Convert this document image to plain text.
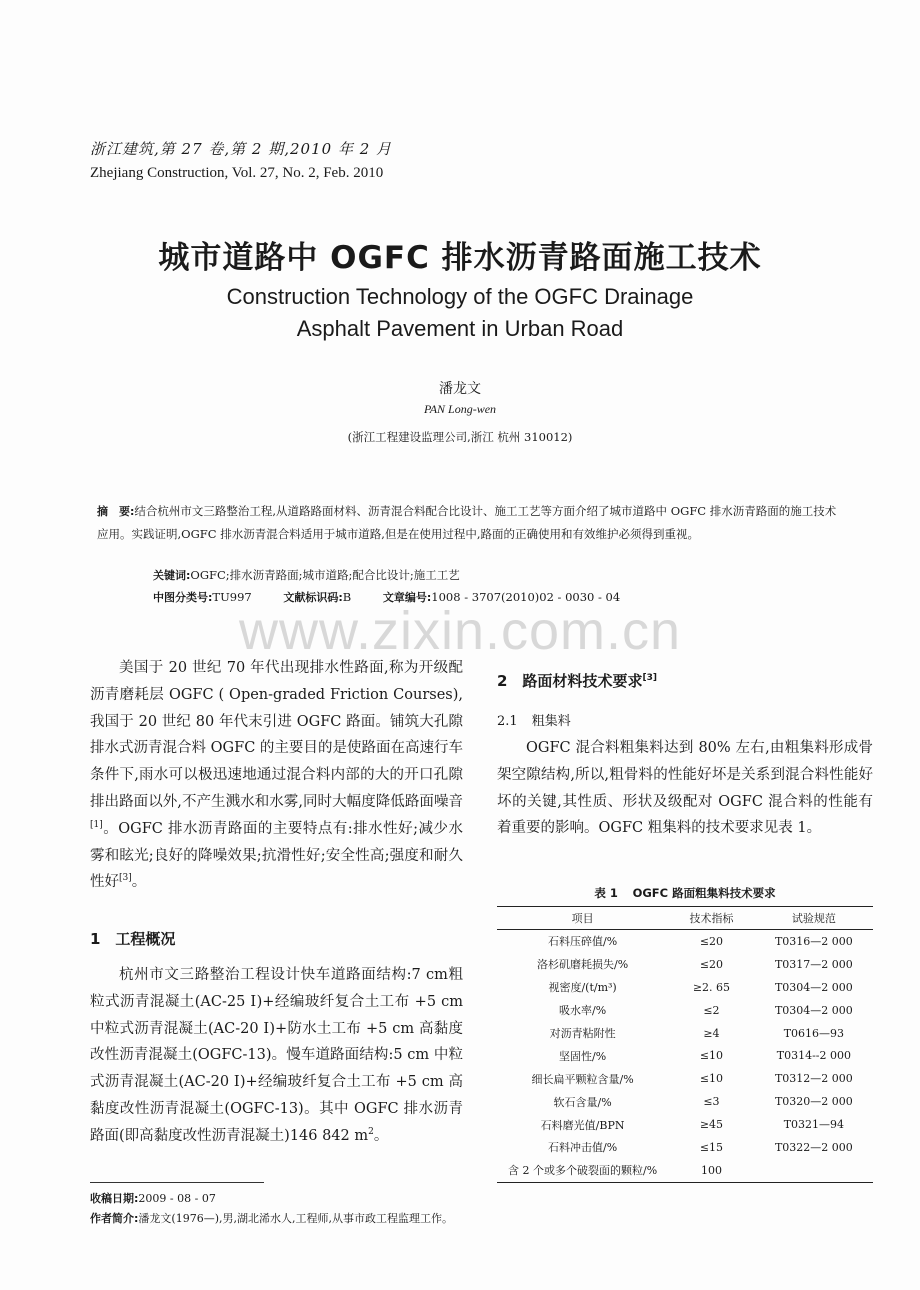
浙江建筑,第 27 卷,第 2 期,2010 年 2 月
Zhejiang Construction, Vol. 27, No. 2, Feb. 2010
城市道路中 OGFC 排水沥青路面施工技术
Construction Technology of the OGFC Drainage
Asphalt Pavement in Urban Road
潘龙文
PAN Long-wen
(浙江工程建设监理公司,浙江 杭州 310012)
摘　要:结合杭州市文三路整治工程,从道路路面材料、沥青混合料配合比设计、施工工艺等方面介绍了城市道路中 OGFC 排水沥青路面的施工技术应用。实践证明,OGFC 排水沥青混合料适用于城市道路,但是在使用过程中,路面的正确使用和有效维护必须得到重视。
关键词:OGFC;排水沥青路面;城市道路;配合比设计;施工工艺
中图分类号:TU997	文献标识码:B	文章编号:1008 - 3707(2010)02 - 0030 - 04
www.zixin.com.cn

美国于 20 世纪 70 年代出现排水性路面,称为开级配沥青磨耗层 OGFC ( Open-graded Friction Courses),我国于 20 世纪 80 年代末引进 OGFC 路面。铺筑大孔隙排水式沥青混合料 OGFC 的主要目的是使路面在高速行车条件下,雨水可以极迅速地通过混合料内部的大的开口孔隙排出路面以外,不产生溅水和水雾,同时大幅度降低路面噪音[1]。OGFC 排水沥青路面的主要特点有:排水性好;减少水雾和眩光;良好的降噪效果;抗滑性好;安全性高;强度和耐久性好[3]。

1　工程概况

杭州市文三路整治工程设计快车道路面结构:7 cm粗粒式沥青混凝土(AC-25 Ⅰ)+经编玻纤复合土工布 +5 cm 中粒式沥青混凝土(AC-20 Ⅰ)+防水土工布 +5 cm 高黏度改性沥青混凝土(OGFC-13)。慢车道路面结构:5 cm 中粒式沥青混凝土(AC-20 Ⅰ)+经编玻纤复合土工布 +5 cm 高黏度改性沥青混凝土(OGFC-13)。其中 OGFC 排水沥青路面(即高黏度改性沥青混凝土)146 842 $m^2$。

2　路面材料技术要求[3]
2.1 粗集料

OGFC 混合料粗集料达到 80% 左右,由粗集料形成骨架空隙结构,所以,粗骨料的性能好坏是关系到混合料性能好坏的关键,其性质、形状及级配对 OGFC 混合料的性能有着重要的影响。OGFC 粗集料的技术要求见表 1。

表 1 OGFC 路面粗集料技术要求
项目	技术指标	试验规范
石料压碎值/%	≤20	T0316—2 000
洛杉矶磨耗损失/%	≤20	T0317—2 000
视密度/(t/m³)	≥2. 65	T0304—2 000
吸水率/%	≤2	T0304—2 000
对沥青粘附性	≥4	T0616—93
坚固性/%	≤10	T0314--2 000
细长扁平颗粒含量/%	≤10	T0312—2 000
软石含量/%	≤3	T0320—2 000
石料磨光值/BPN	≥45	T0321—94
石料冲击值/%	≤15	T0322—2 000
含 2 个或多个破裂面的颗粒/%	100	
收稿日期:2009 - 08 - 07
作者简介:潘龙文(1976—),男,湖北浠水人,工程师,从事市政工程监理工作。
